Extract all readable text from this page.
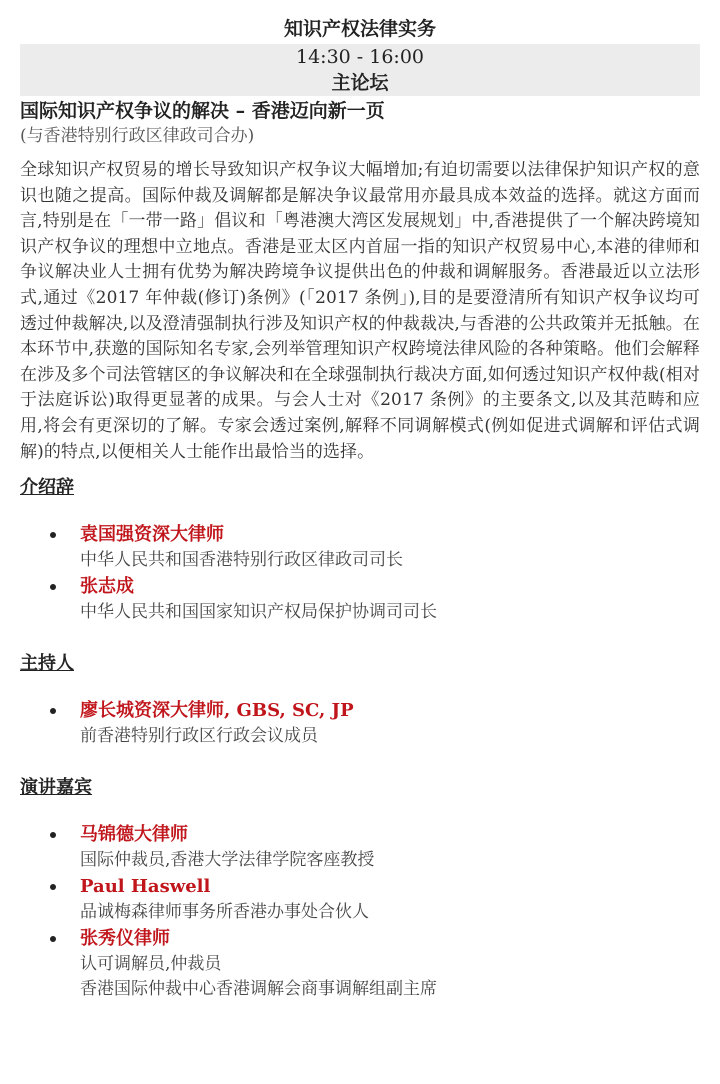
知识产权法律实务
14:30 - 16:00
主论坛
国际知识产权争议的解决 – 香港迈向新一页
(与香港特别行政区律政司合办)
全球知识产权贸易的增长导致知识产权争议大幅增加;有迫切需要以法律保护知识产权的意识也随之提高。国际仲裁及调解都是解决争议最常用亦最具成本效益的选择。就这方面而言,特别是在「一带一路」倡议和「粤港澳大湾区发展规划」中,香港提供了一个解决跨境知识产权争议的理想中立地点。香港是亚太区内首屈一指的知识产权贸易中心,本港的律师和争议解决业人士拥有优势为解决跨境争议提供出色的仲裁和调解服务。香港最近以立法形式,通过《2017 年仲裁(修订)条例》(「2017 条例」),目的是要澄清所有知识产权争议均可透过仲裁解决,以及澄清强制执行涉及知识产权的仲裁裁决,与香港的公共政策并无抵触。在本环节中,获邀的国际知名专家,会列举管理知识产权跨境法律风险的各种策略。他们会解释在涉及多个司法管辖区的争议解决和在全球强制执行裁决方面,如何透过知识产权仲裁(相对于法庭诉讼)取得更显著的成果。与会人士对《2017 条例》的主要条文,以及其范畴和应用,将会有更深切的了解。专家会透过案例,解释不同调解模式(例如促进式调解和评估式调解)的特点,以便相关人士能作出最恰当的选择。
介绍辞
袁国强资深大律师
中华人民共和国香港特别行政区律政司司长
张志成
中华人民共和国国家知识产权局保护协调司司长
主持人
廖长城资深大律师, GBS, SC, JP
前香港特别行政区行政会议成员
演讲嘉宾
马锦德大律师
国际仲裁员,香港大学法律学院客座教授
Paul Haswell
品诚梅森律师事务所香港办事处合伙人
张秀仪律师
认可调解员,仲裁员
香港国际仲裁中心香港调解会商事调解组副主席
